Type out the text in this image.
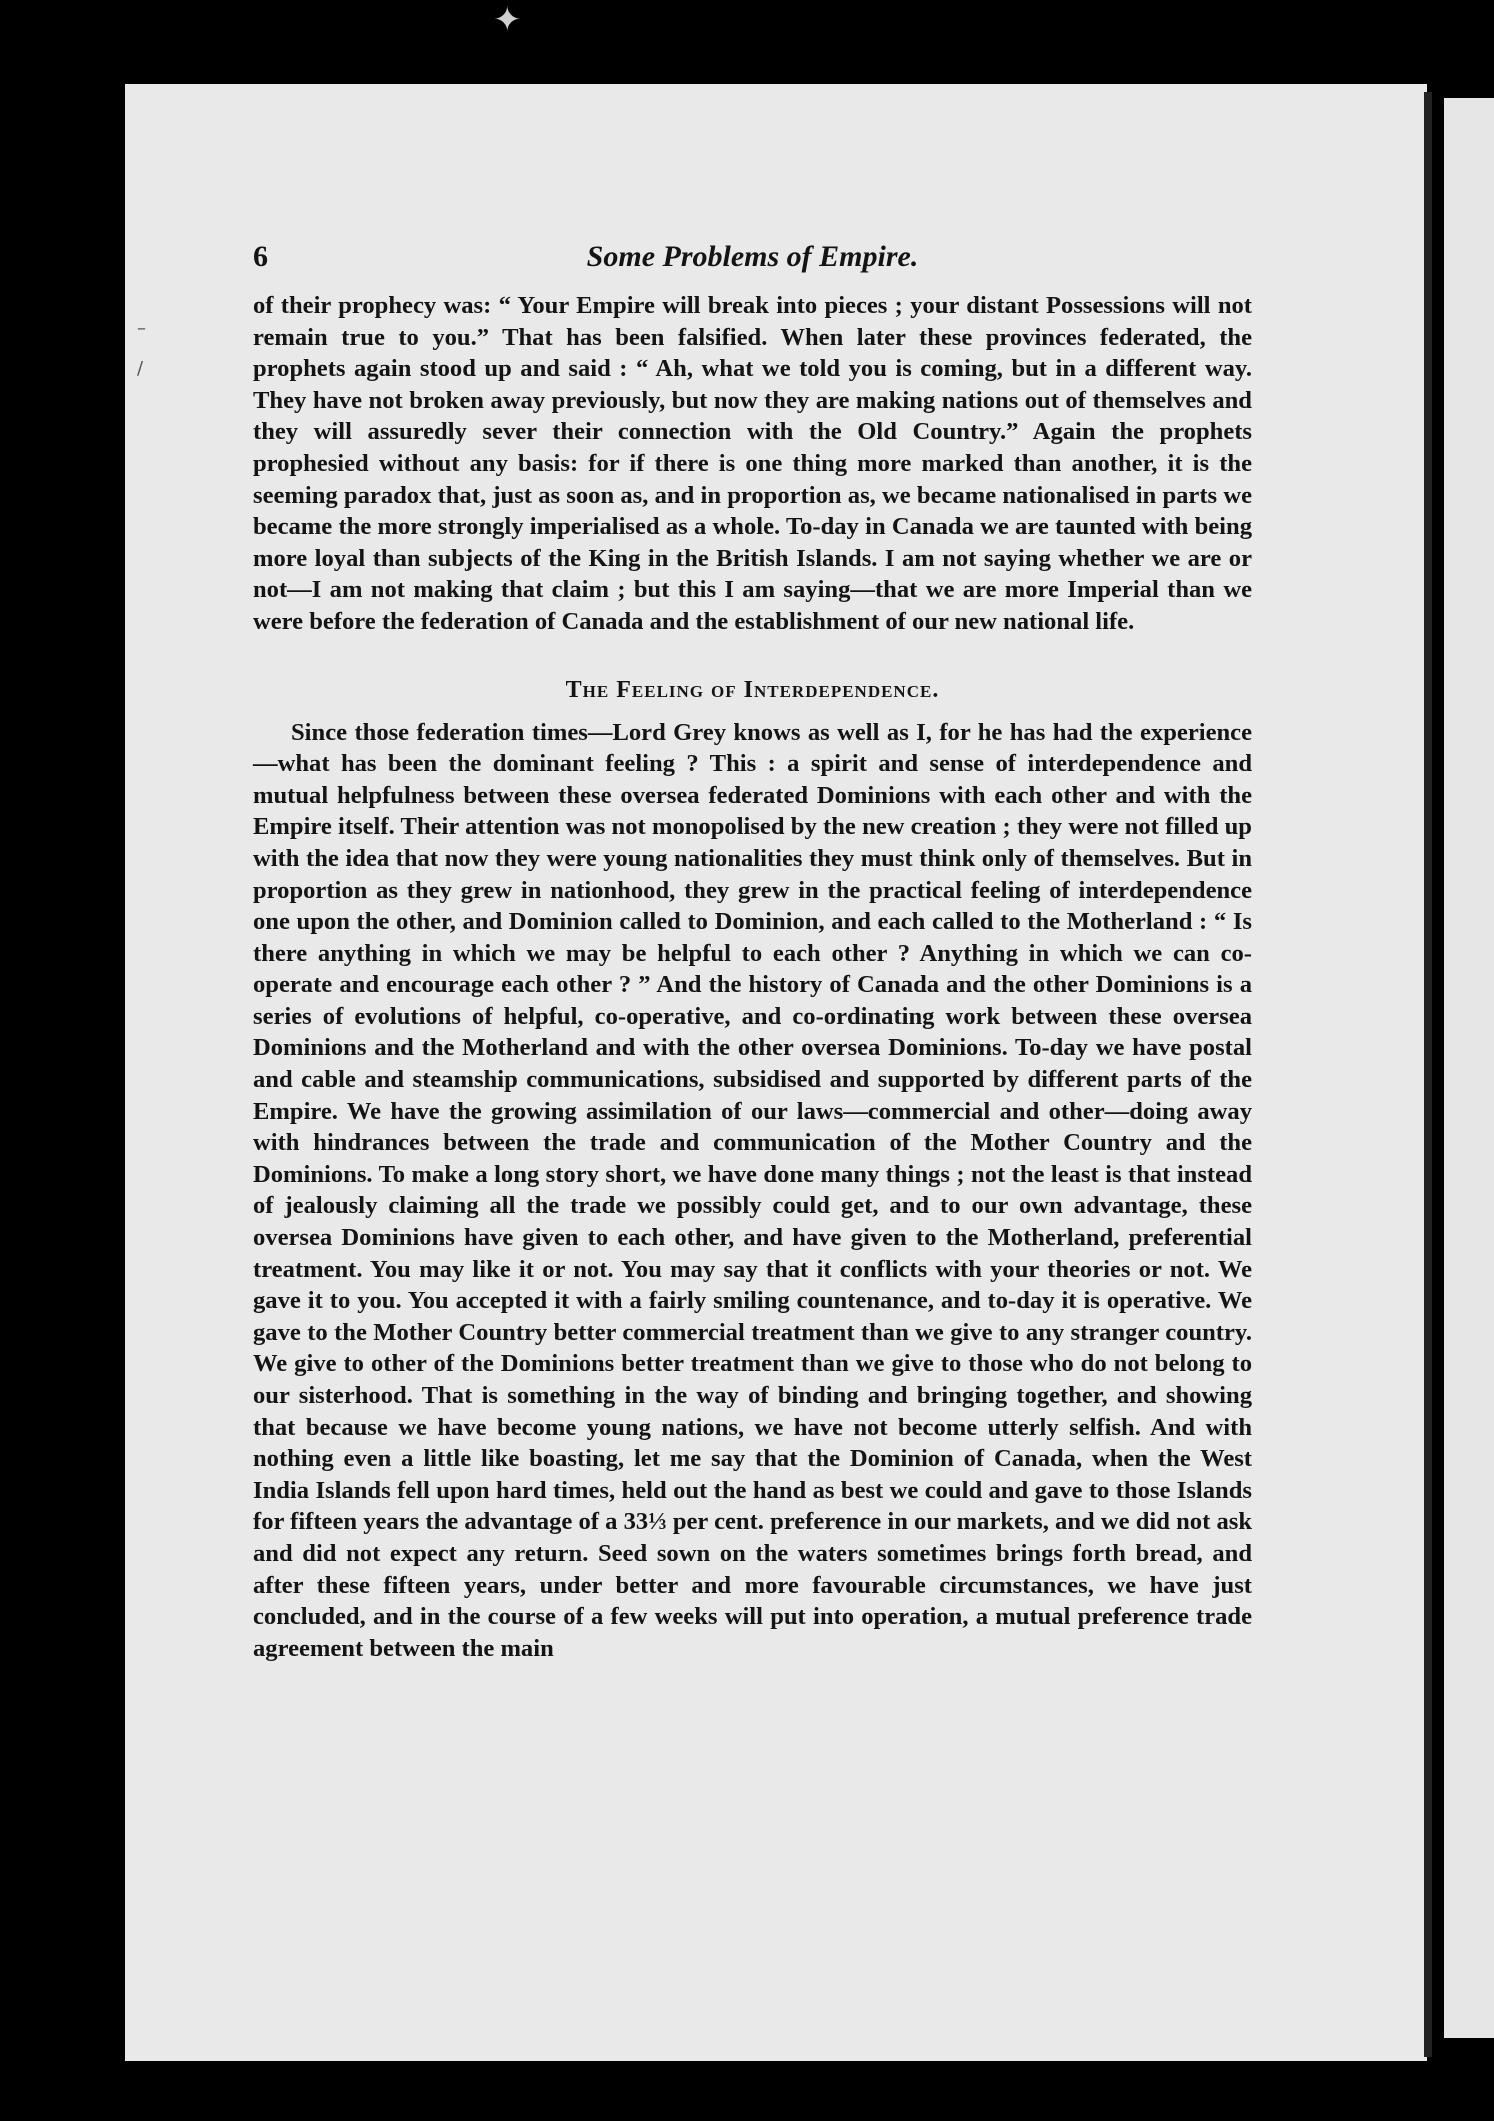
✦
–
/
6	Some Problems of Empire.

of their prophecy was: “ Your Empire will break into pieces ; your distant Possessions will not remain true to you.” That has been falsified. When later these provinces federated, the prophets again stood up and said : “ Ah, what we told you is coming, but in a different way. They have not broken away previously, but now they are making nations out of themselves and they will assuredly sever their connection with the Old Country.” Again the prophets prophesied without any basis: for if there is one thing more marked than another, it is the seeming paradox that, just as soon as, and in proportion as, we became nationalised in parts we became the more strongly imperialised as a whole. To-day in Canada we are taunted with being more loyal than subjects of the King in the British Islands. I am not saying whether we are or not—I am not making that claim ; but this I am saying—that we are more Imperial than we were before the federation of Canada and the establishment of our new national life.

The Feeling of Interdependence.

Since those federation times—Lord Grey knows as well as I, for he has had the experience—what has been the dominant feeling ? This : a spirit and sense of interdependence and mutual helpfulness between these oversea federated Dominions with each other and with the Empire itself. Their attention was not monopolised by the new creation ; they were not filled up with the idea that now they were young nationalities they must think only of themselves. But in proportion as they grew in nationhood, they grew in the practical feeling of interdependence one upon the other, and Dominion called to Dominion, and each called to the Motherland : “ Is there anything in which we may be helpful to each other ? Anything in which we can co-operate and encourage each other ? ” And the history of Canada and the other Dominions is a series of evolutions of helpful, co-operative, and co-ordinating work between these oversea Dominions and the Motherland and with the other oversea Dominions. To-day we have postal and cable and steamship communications, subsidised and supported by different parts of the Empire. We have the growing assimilation of our laws—commercial and other—doing away with hindrances between the trade and communication of the Mother Country and the Dominions. To make a long story short, we have done many things ; not the least is that instead of jealously claiming all the trade we possibly could get, and to our own advantage, these oversea Dominions have given to each other, and have given to the Motherland, preferential treatment. You may like it or not. You may say that it conflicts with your theories or not. We gave it to you. You accepted it with a fairly smiling countenance, and to-day it is operative. We gave to the Mother Country better commercial treatment than we give to any stranger country. We give to other of the Dominions better treatment than we give to those who do not belong to our sisterhood. That is something in the way of binding and bringing together, and showing that because we have become young nations, we have not become utterly selfish. And with nothing even a little like boasting, let me say that the Dominion of Canada, when the West India Islands fell upon hard times, held out the hand as best we could and gave to those Islands for fifteen years the advantage of a 33⅓ per cent. preference in our markets, and we did not ask and did not expect any return. Seed sown on the waters sometimes brings forth bread, and after these fifteen years, under better and more favourable circumstances, we have just concluded, and in the course of a few weeks will put into operation, a mutual preference trade agreement between the main
